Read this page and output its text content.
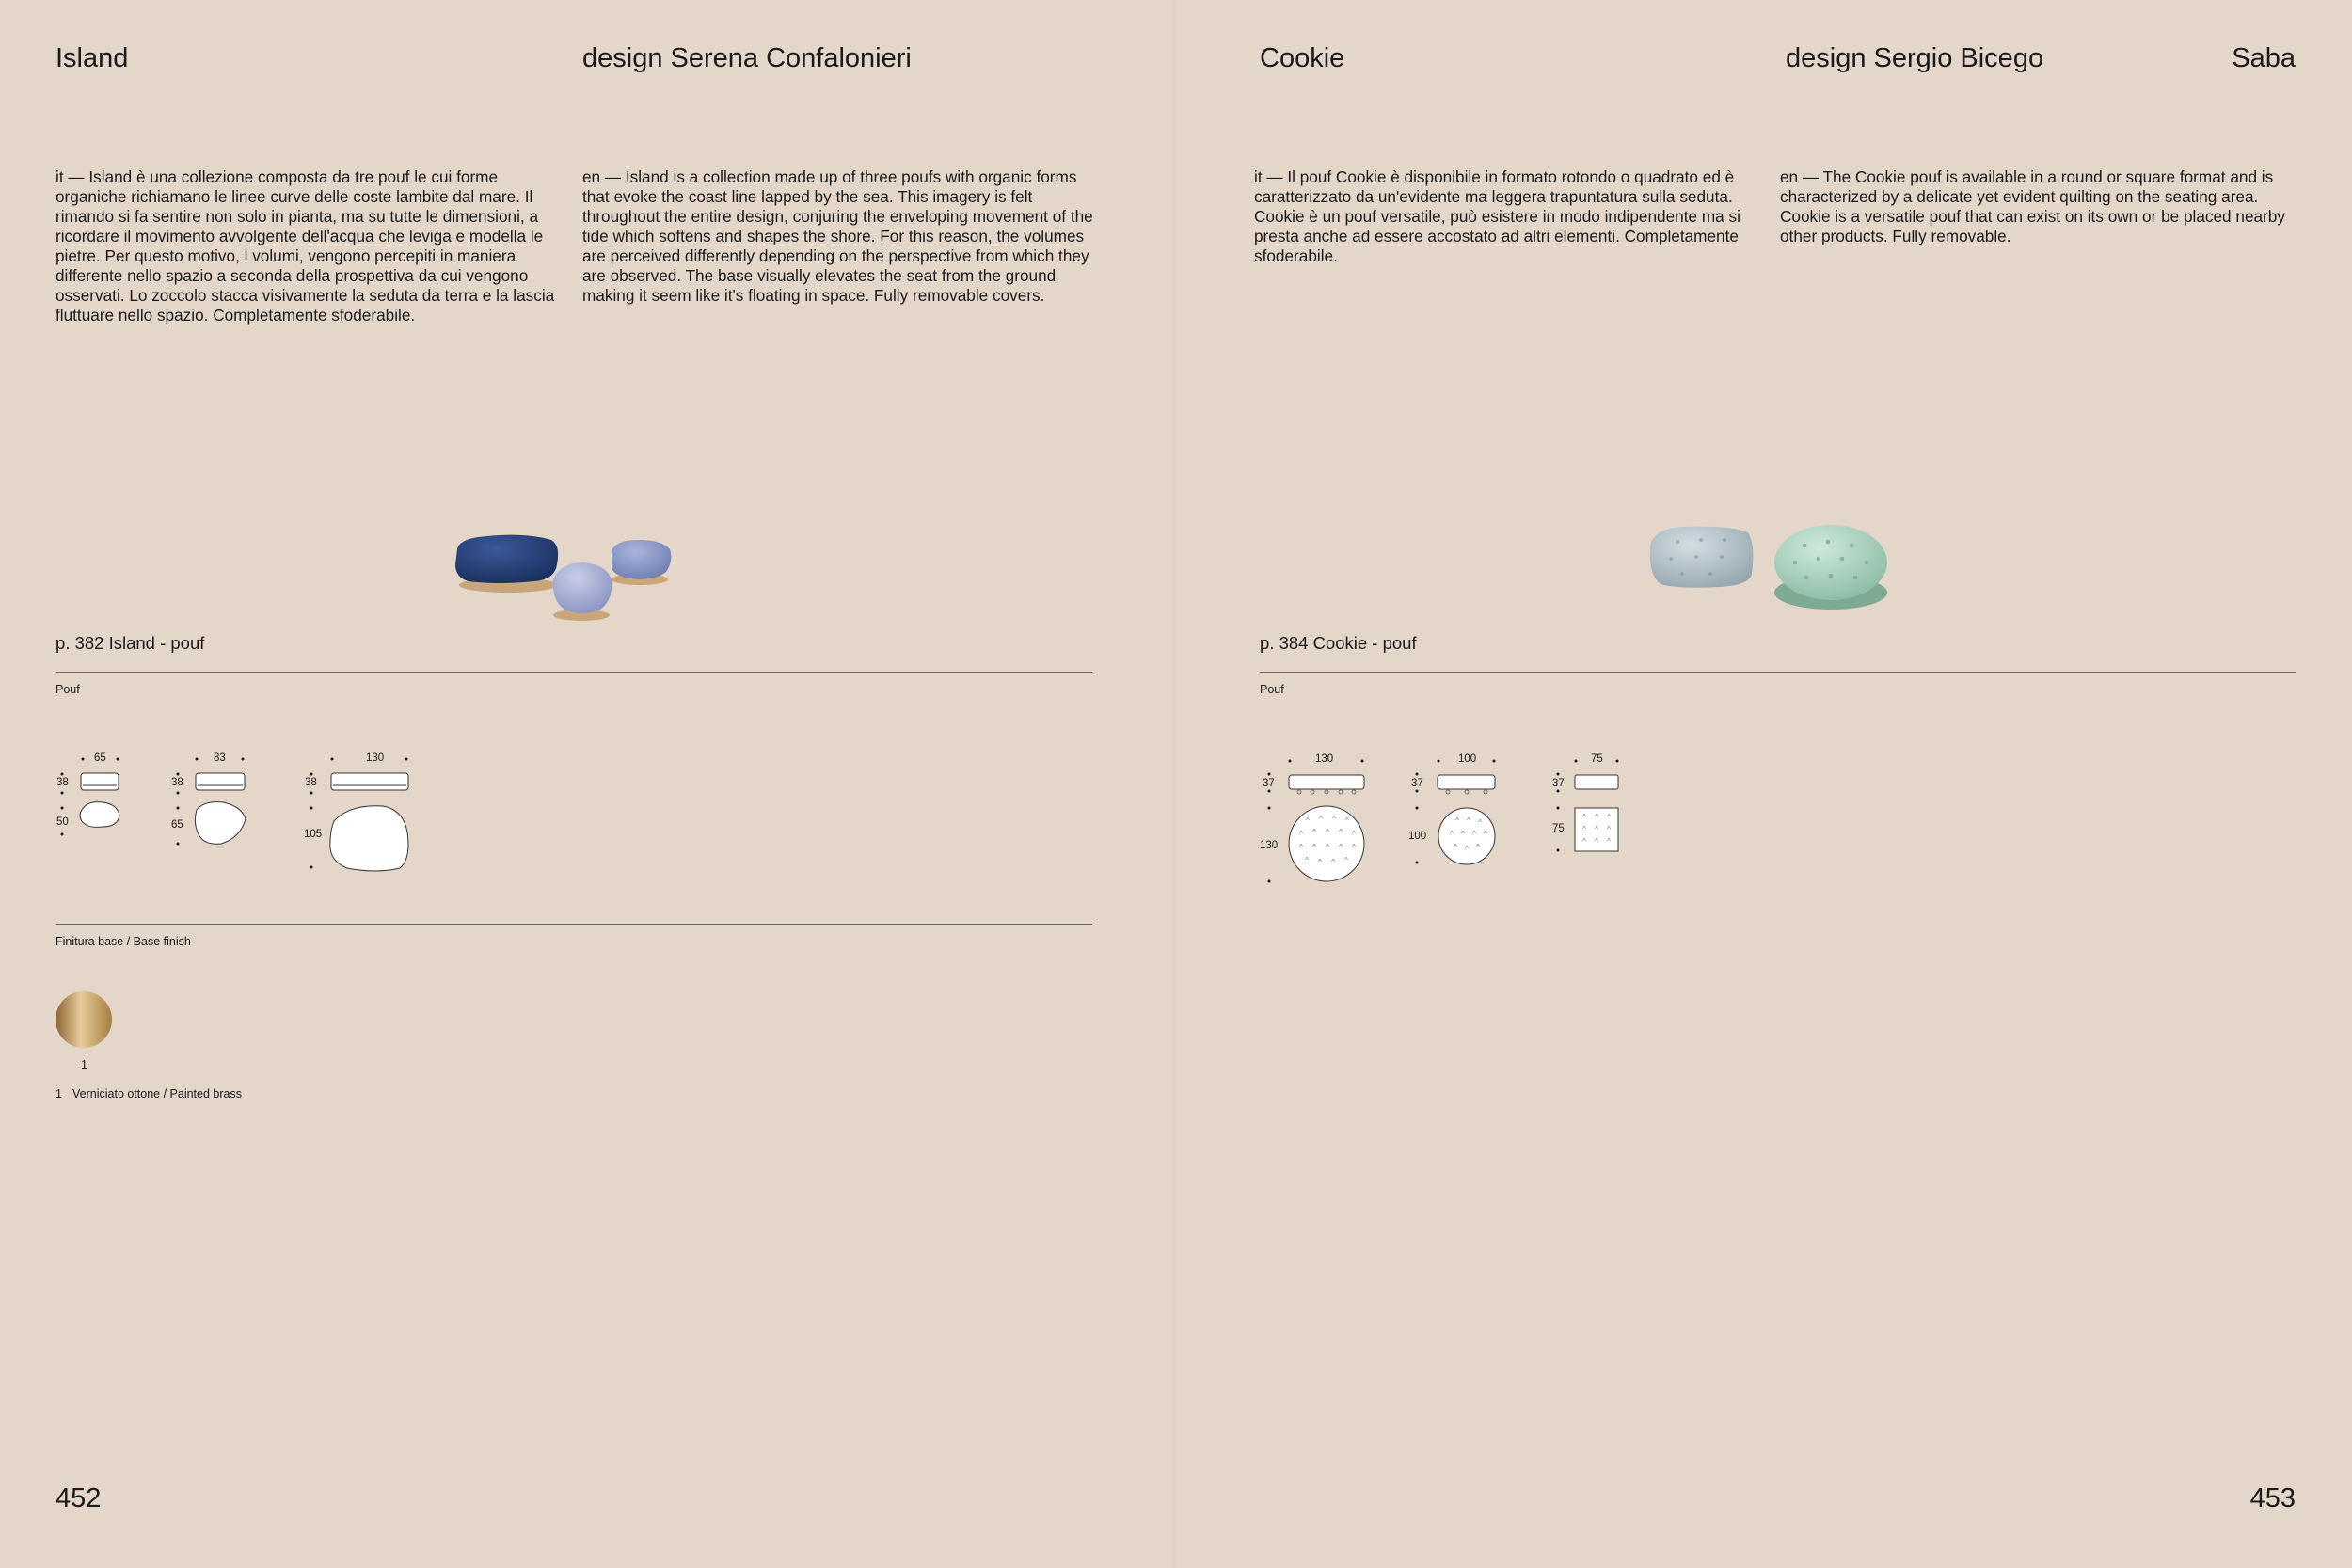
Island	design Serena Confalonieri

it — Island è una collezione composta da tre pouf le cui forme organiche richiamano le linee curve delle coste lambite dal mare. Il rimando si fa sentire non solo in pianta, ma su tutte le dimensioni, a ricordare il movimento avvolgente dell'acqua che leviga e modella le pietre. Per questo motivo, i volumi, vengono percepiti in maniera differente nello spazio a seconda della prospettiva da cui vengono osservati. Lo zoccolo stacca visivamente la seduta da terra e la lascia fluttuare nello spazio. Completamente sfoderabile.

en — Island is a collection made up of three poufs with organic forms that evoke the coast line lapped by the sea. This imagery is felt throughout the entire design, conjuring the enveloping movement of the tide which softens and shapes the shore. For this reason, the volumes are perceived differently depending on the perspective from which they are observed. The base visually elevates the seat from the ground making it seem like it's floating in space. Fully removable covers.

p. 382 Island - pouf
Pouf
65
38
50
83
38
65
130
38
105
Finitura base / Base finish
1
1 Verniciato ottone / Painted brass
452
Cookie	design Sergio Bicego	Saba

it — Il pouf Cookie è disponibile in formato rotondo o quadrato ed è caratterizzato da un'evidente ma leggera trapuntatura sulla seduta. Cookie è un pouf versatile, può esistere in modo indipendente ma si presta anche ad essere accostato ad altri elementi. Completamente sfoderabile.

en — The Cookie pouf is available in a round or square format and is characterized by a delicate yet evident quilting on the seating area. Cookie is a versatile pouf that can exist on its own or be placed nearby other products. Fully removable.

p. 384 Cookie - pouf
Pouf
130
37
130
100
37
100
75
37
75
^ ^ ^ ^
^ ^ ^ ^ ^
^ ^ ^ ^ ^
^ ^ ^ ^
^ ^ ^
^ ^ ^ ^
^ ^ ^
^ ^ ^
^ ^ ^
^ ^ ^
453
